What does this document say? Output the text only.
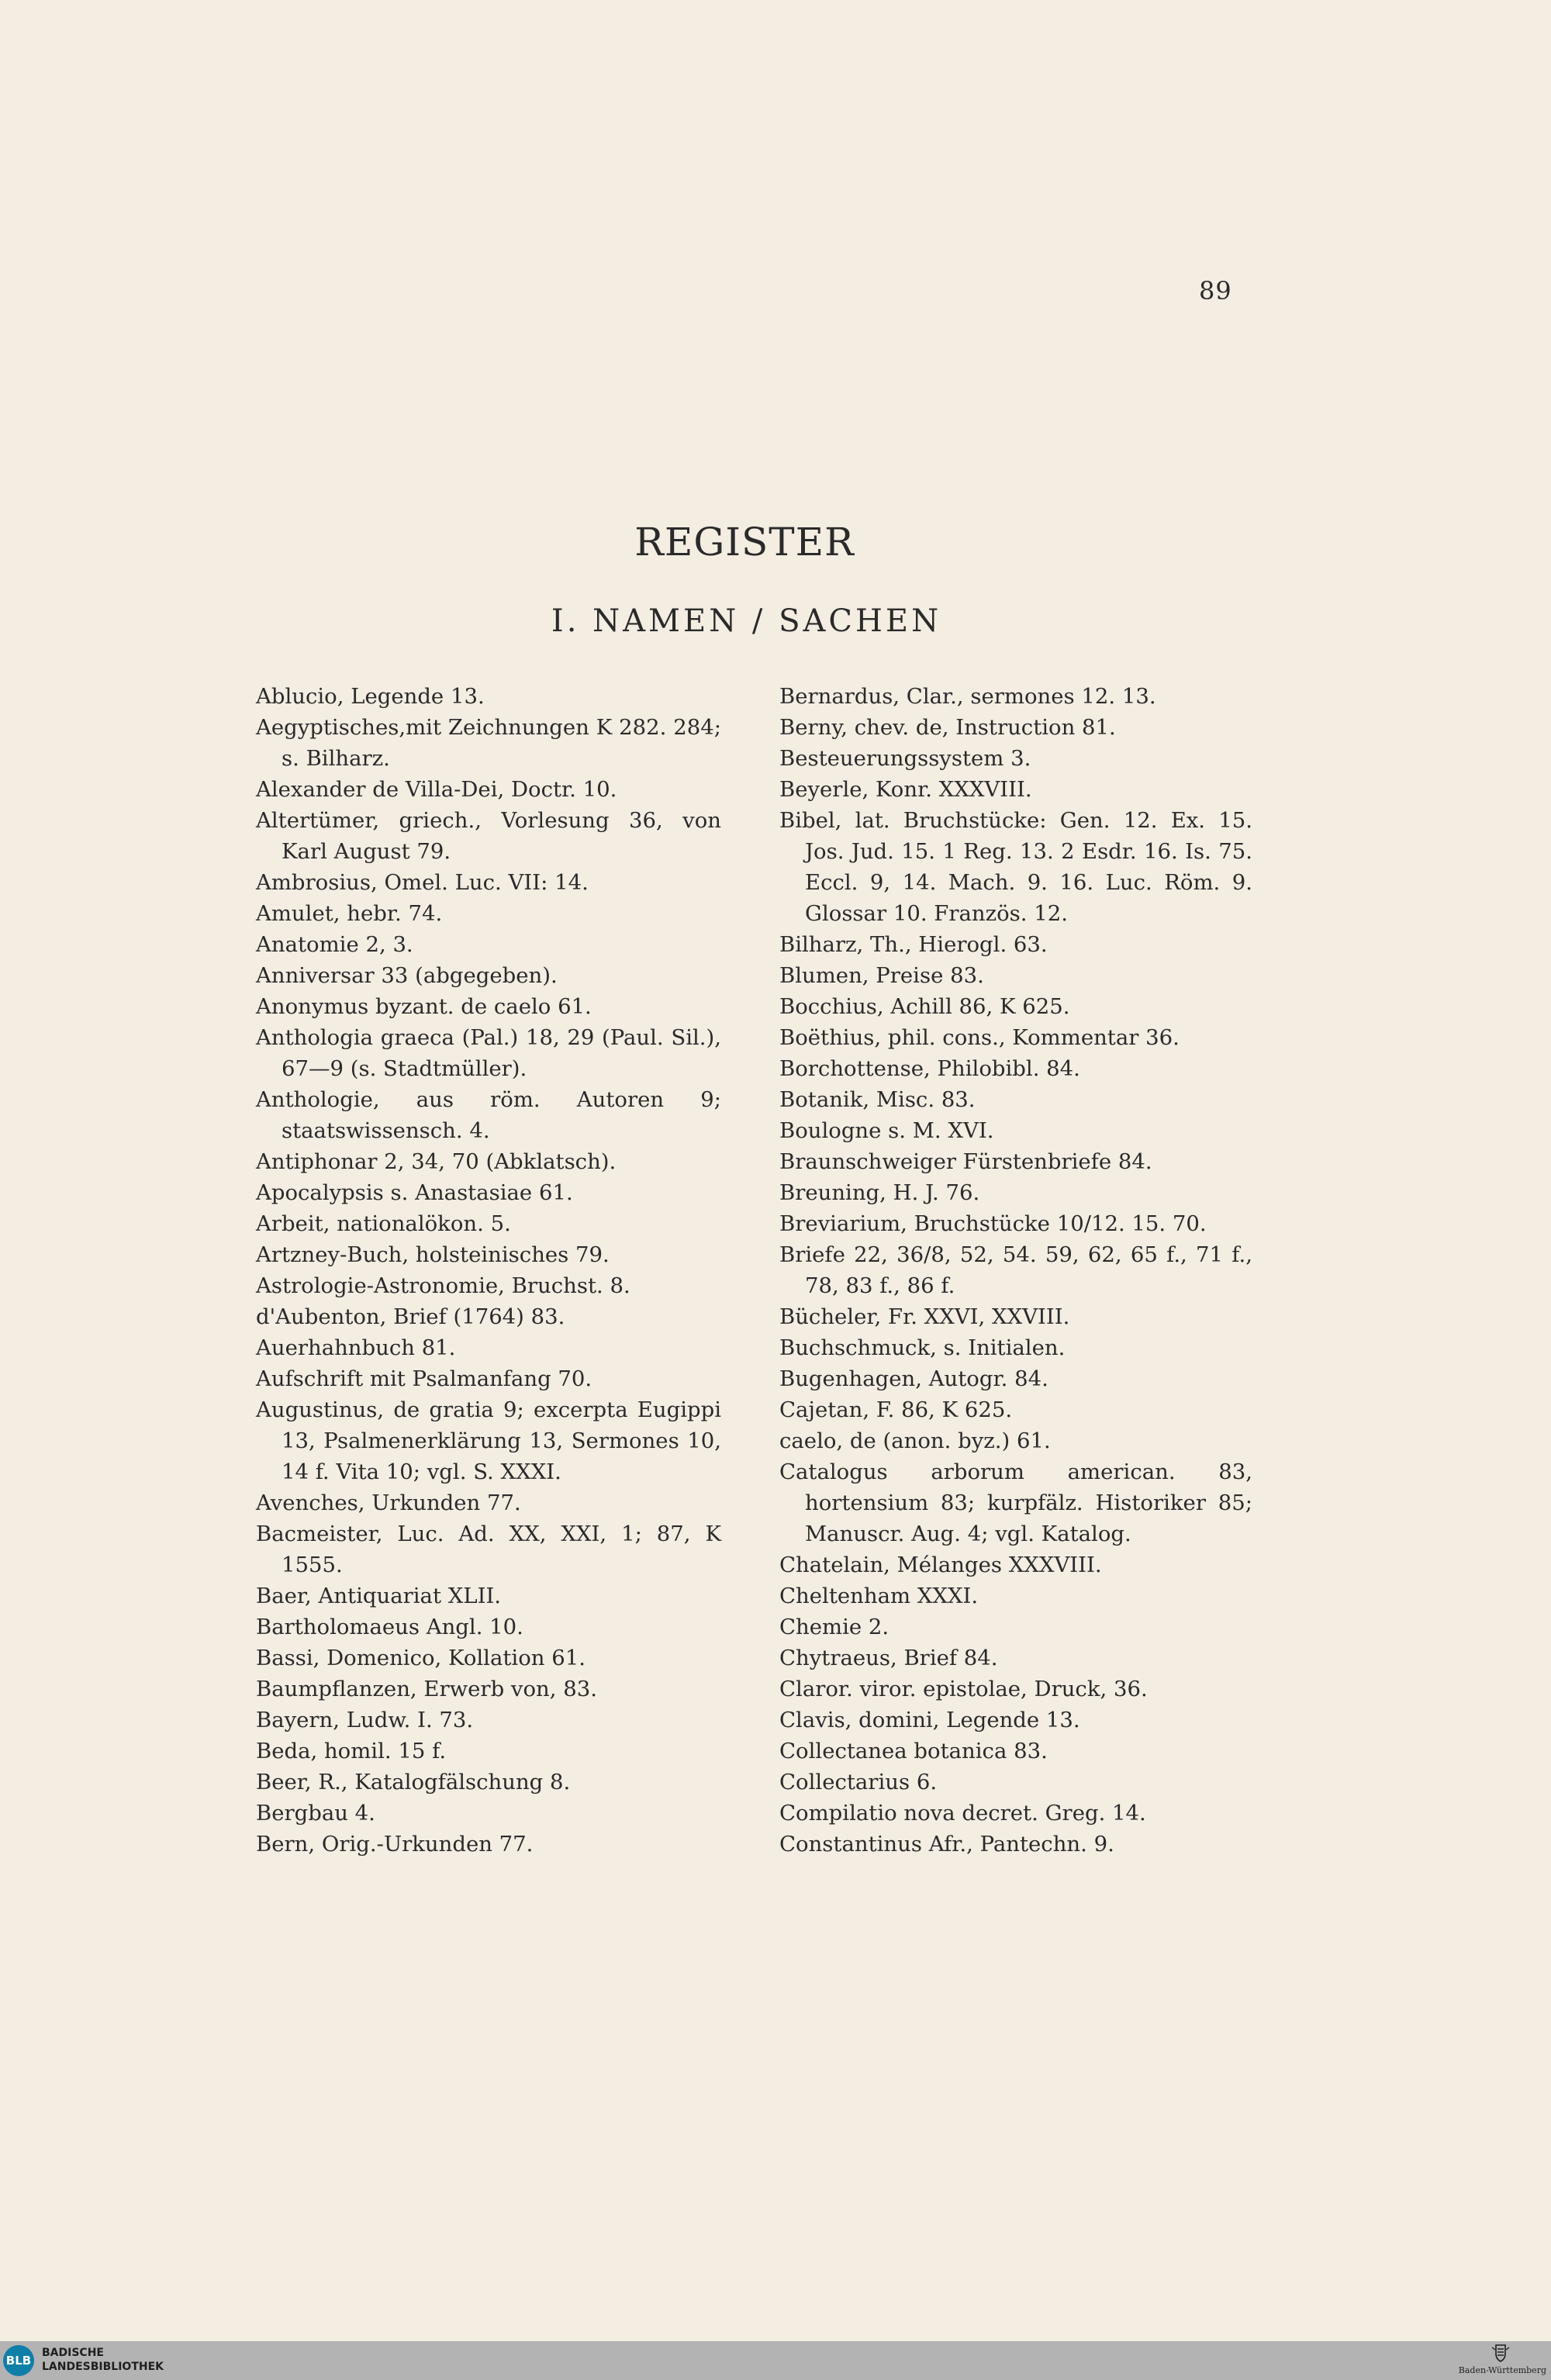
89
REGISTER
I. NAMEN / SACHEN
Ablucio, Legende 13.
Aegyptisches,mit Zeichnungen K 282. 284; s. Bilharz.
Alexander de Villa-Dei, Doctr. 10.
Altertümer, griech., Vorlesung 36, von Karl August 79.
Ambrosius, Omel. Luc. VII: 14.
Amulet, hebr. 74.
Anatomie 2, 3.
Anniversar 33 (abgegeben).
Anonymus byzant. de caelo 61.
Anthologia graeca (Pal.) 18, 29 (Paul. Sil.), 67—9 (s. Stadtmüller).
Anthologie, aus röm. Autoren 9; staatswissensch. 4.
Antiphonar 2, 34, 70 (Abklatsch).
Apocalypsis s. Anastasiae 61.
Arbeit, nationalökon. 5.
Artzney-Buch, holsteinisches 79.
Astrologie-Astronomie, Bruchst. 8.
d'Aubenton, Brief (1764) 83.
Auerhahnbuch 81.
Aufschrift mit Psalmanfang 70.
Augustinus, de gratia 9; excerpta Eugippi 13, Psalmenerklärung 13, Sermones 10, 14 f. Vita 10; vgl. S. XXXI.
Avenches, Urkunden 77.
Bacmeister, Luc. Ad. XX, XXI, 1; 87, K 1555.
Baer, Antiquariat XLII.
Bartholomaeus Angl. 10.
Bassi, Domenico, Kollation 61.
Baumpflanzen, Erwerb von, 83.
Bayern, Ludw. I. 73.
Beda, homil. 15 f.
Beer, R., Katalogfälschung 8.
Bergbau 4.
Bern, Orig.-Urkunden 77.
Bernardus, Clar., sermones 12. 13.
Berny, chev. de, Instruction 81.
Besteuerungssystem 3.
Beyerle, Konr. XXXVIII.
Bibel, lat. Bruchstücke: Gen. 12. Ex. 15. Jos. Jud. 15. 1 Reg. 13. 2 Esdr. 16. Is. 75. Eccl. 9, 14. Mach. 9. 16. Luc. Röm. 9. Glossar 10. Französ. 12.
Bilharz, Th., Hierogl. 63.
Blumen, Preise 83.
Bocchius, Achill 86, K 625.
Boëthius, phil. cons., Kommentar 36.
Borchottense, Philobibl. 84.
Botanik, Misc. 83.
Boulogne s. M. XVI.
Braunschweiger Fürstenbriefe 84.
Breuning, H. J. 76.
Breviarium, Bruchstücke 10/12. 15. 70.
Briefe 22, 36/8, 52, 54. 59, 62, 65 f., 71 f., 78, 83 f., 86 f.
Bücheler, Fr. XXVI, XXVIII.
Buchschmuck, s. Initialen.
Bugenhagen, Autogr. 84.
Cajetan, F. 86, K 625.
caelo, de (anon. byz.) 61.
Catalogus arborum american. 83, hortensium 83; kurpfälz. Historiker 85; Manuscr. Aug. 4; vgl. Katalog.
Chatelain, Mélanges XXXVIII.
Cheltenham XXXI.
Chemie 2.
Chytraeus, Brief 84.
Claror. viror. epistolae, Druck, 36.
Clavis, domini, Legende 13.
Collectanea botanica 83.
Collectarius 6.
Compilatio nova decret. Greg. 14.
Constantinus Afr., Pantechn. 9.
BLB
BADISCHE
LANDESBIBLIOTHEK	Baden-Württemberg
